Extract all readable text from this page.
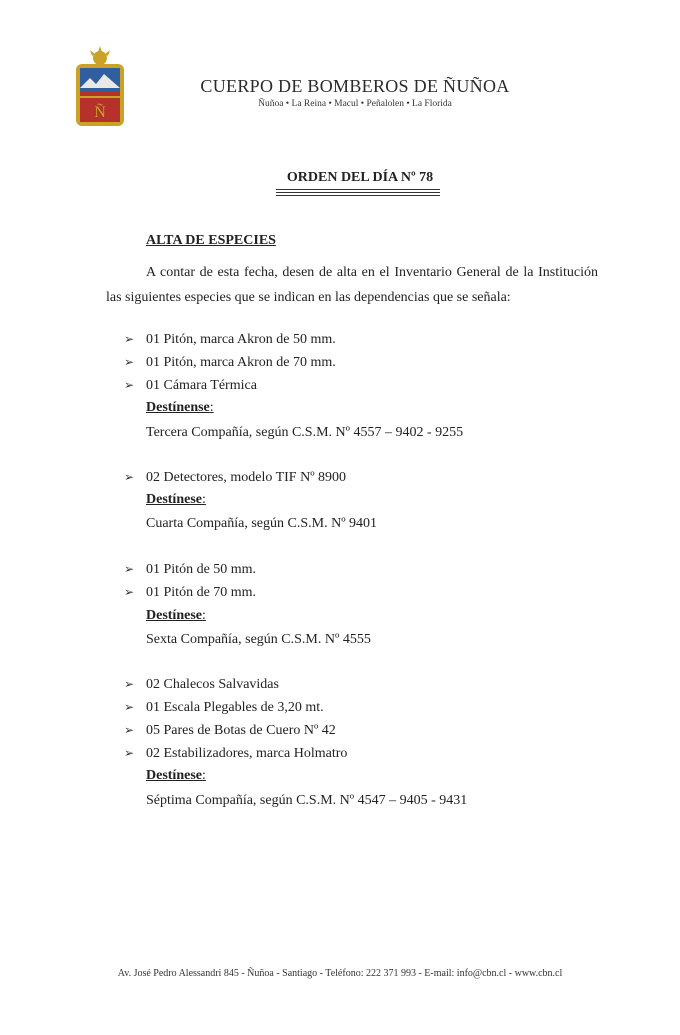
Ñ
CUERPO DE BOMBEROS DE ÑUÑOA
Ñuñoa • La Reina • Macul • Peñalolen • La Florida
ORDEN DEL DÍA Nº 78
ALTA DE ESPECIES
A contar de esta fecha, desen de alta en el Inventario General de la Institución las siguientes especies que se indican en las dependencias que se señala:
➢ 01 Pitón, marca Akron de 50 mm.
➢ 01 Pitón, marca Akron de 70 mm.
➢ 01 Cámara Térmica
Destínense:
Tercera Compañía, según C.S.M. Nº 4557 – 9402 - 9255
➢ 02 Detectores, modelo TIF Nº 8900
Destínese:
Cuarta Compañía, según C.S.M. Nº 9401
➢ 01 Pitón de 50 mm.
➢ 01 Pitón de 70 mm.
Destínese:
Sexta Compañía, según C.S.M. Nº 4555
➢ 02 Chalecos Salvavidas
➢ 01 Escala Plegables de 3,20 mt.
➢ 05 Pares de Botas de Cuero Nº 42
➢ 02 Estabilizadores, marca Holmatro
Destínese:
Séptima Compañía, según C.S.M. Nº 4547 – 9405 - 9431
Av. José Pedro Alessandri 845 - Ñuñoa - Santiago - Teléfono: 222 371 993 - E-mail: info@cbn.cl - www.cbn.cl
